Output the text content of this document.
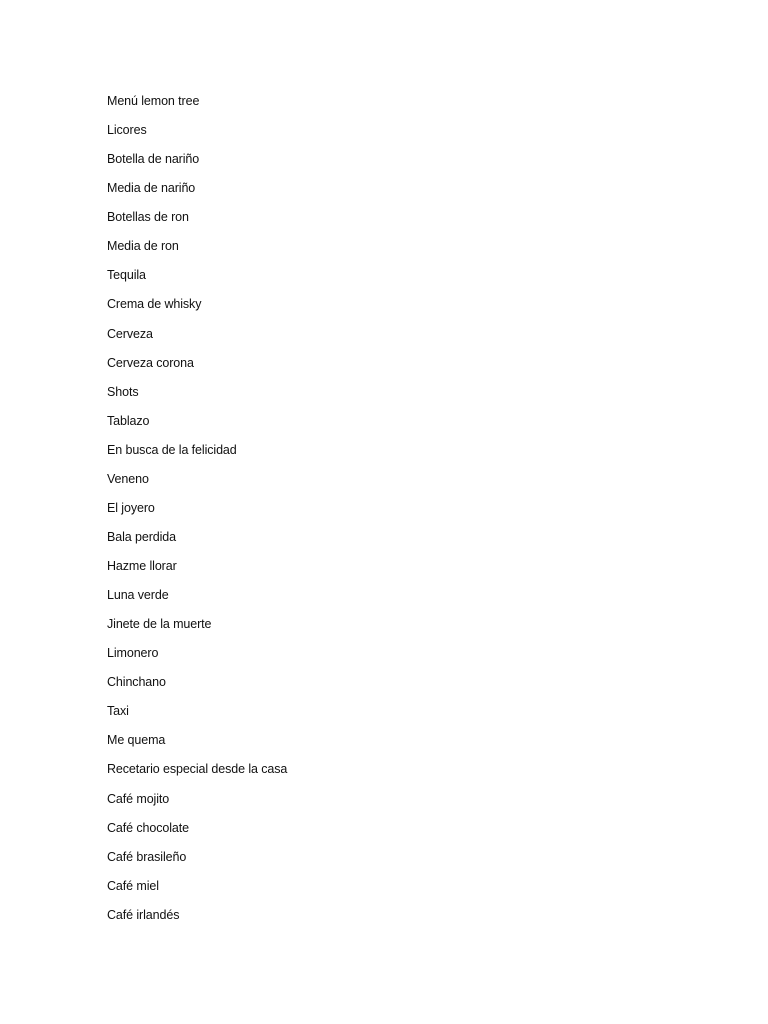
Menú lemon tree
Licores
Botella de nariño
Media de nariño
Botellas de ron
Media de ron
Tequila
Crema de whisky
Cerveza
Cerveza corona
Shots
Tablazo
En busca de la felicidad
Veneno
El joyero
Bala perdida
Hazme llorar
Luna verde
Jinete de la muerte
Limonero
Chinchano
Taxi
Me quema
Recetario especial desde la casa
Café mojito
Café chocolate
Café brasileño
Café miel
Café irlandés
